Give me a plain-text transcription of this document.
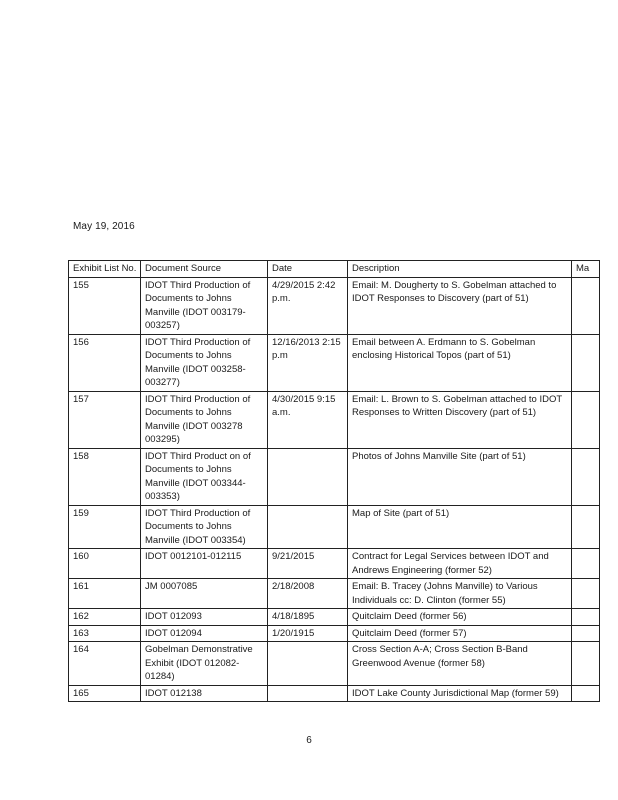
May 19, 2016
Exhibit List No.	Document Source	Date	Description	Ma
155	IDOT Third Production of Documents to Johns Manville (IDOT 003179-003257)	4/29/2015 2:42 p.m.	Email: M. Dougherty to S. Gobelman attached to IDOT Responses to Discovery (part of 51)	
156	IDOT Third Production of Documents to Johns Manville (IDOT 003258-003277)	12/16/2013 2:15 p.m	Email between A. Erdmann to S. Gobelman enclosing Historical Topos (part of 51)	
157	IDOT Third Production of Documents to Johns Manville (IDOT 003278 003295)	4/30/2015 9:15 a.m.	Email: L. Brown to S. Gobelman attached to IDOT Responses to Written Discovery (part of 51)	
158	IDOT Third Product on of Documents to Johns Manville (IDOT 003344-003353)		Photos of Johns Manville Site (part of 51)	
159	IDOT Third Production of Documents to Johns Manville (IDOT 003354)		Map of Site (part of 51)	
160	IDOT 0012101-012115	9/21/2015	Contract for Legal Services between IDOT and Andrews Engineering (former 52)	
161	JM 0007085	2/18/2008	Email: B. Tracey (Johns Manville) to Various Individuals cc: D. Clinton (former 55)	
162	IDOT 012093	4/18/1895	Quitclaim Deed (former 56)	
163	IDOT 012094	1/20/1915	Quitclaim Deed (former 57)	
164	Gobelman Demonstrative Exhibit (IDOT 012082-01284)		Cross Section A-A; Cross Section B-Band Greenwood Avenue (former 58)	
165	IDOT 012138		IDOT Lake County Jurisdictional Map (former 59)	
6
